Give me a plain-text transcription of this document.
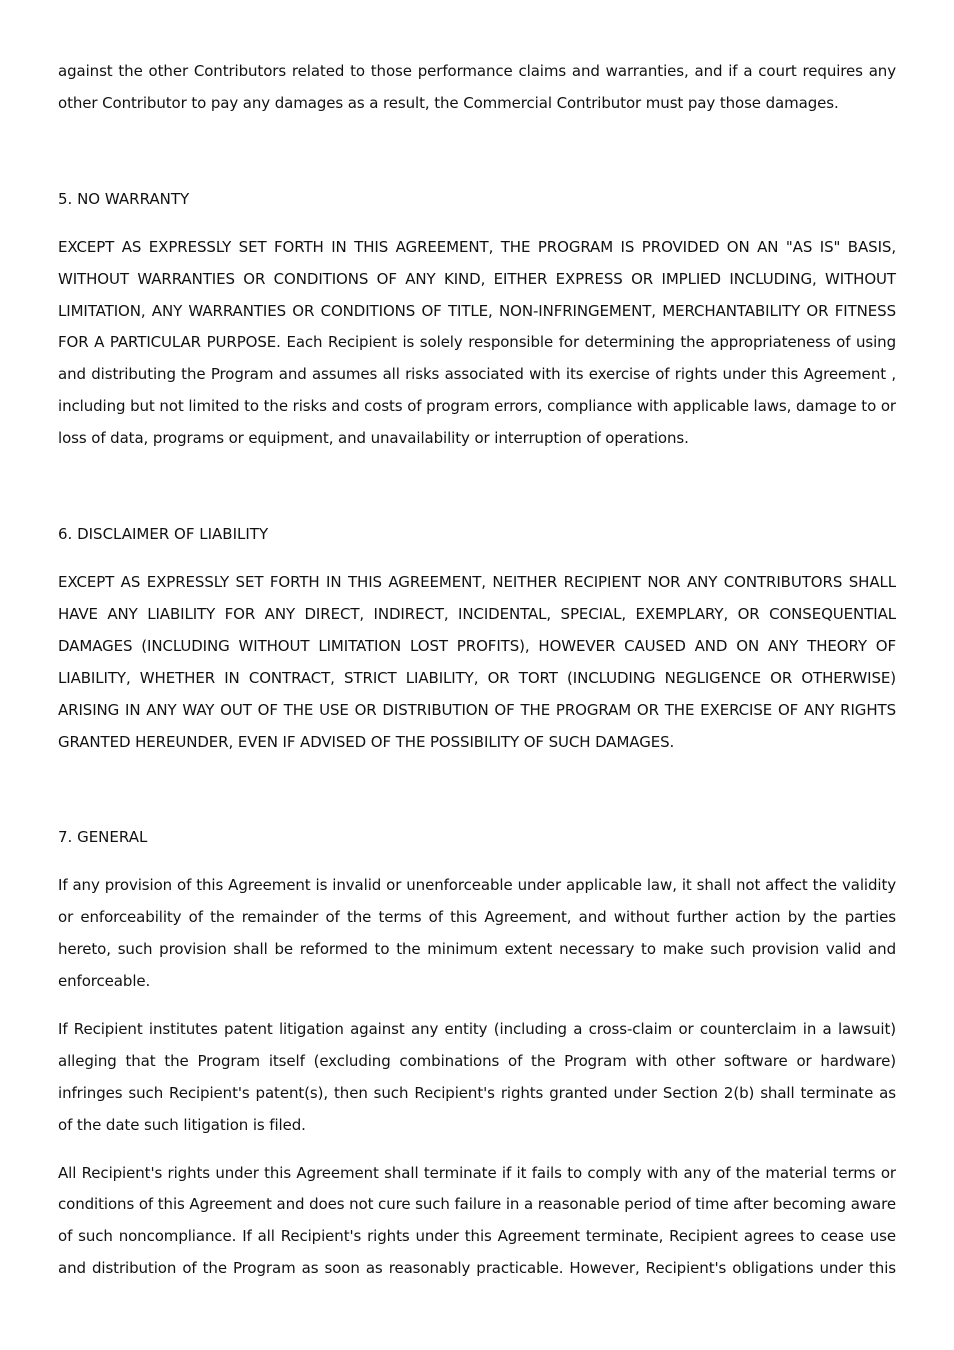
against the other Contributors related to those performance claims and warranties, and if a court requires any other Contributor to pay any damages as a result, the Commercial Contributor must pay those damages.

5. NO WARRANTY

EXCEPT AS EXPRESSLY SET FORTH IN THIS AGREEMENT, THE PROGRAM IS PROVIDED ON AN "AS IS" BASIS, WITHOUT WARRANTIES OR CONDITIONS OF ANY KIND, EITHER EXPRESS OR IMPLIED INCLUDING, WITHOUT LIMITATION, ANY WARRANTIES OR CONDITIONS OF TITLE, NON-INFRINGEMENT, MERCHANTABILITY OR FITNESS FOR A PARTICULAR PURPOSE. Each Recipient is solely responsible for determining the appropriateness of using and distributing the Program and assumes all risks associated with its exercise of rights under this Agreement , including but not limited to the risks and costs of program errors, compliance with applicable laws, damage to or loss of data, programs or equipment, and unavailability or interruption of operations.

6. DISCLAIMER OF LIABILITY

EXCEPT AS EXPRESSLY SET FORTH IN THIS AGREEMENT, NEITHER RECIPIENT NOR ANY CONTRIBUTORS SHALL HAVE ANY LIABILITY FOR ANY DIRECT, INDIRECT, INCIDENTAL, SPECIAL, EXEMPLARY, OR CONSEQUENTIAL DAMAGES (INCLUDING WITHOUT LIMITATION LOST PROFITS), HOWEVER CAUSED AND ON ANY THEORY OF LIABILITY, WHETHER IN CONTRACT, STRICT LIABILITY, OR TORT (INCLUDING NEGLIGENCE OR OTHERWISE) ARISING IN ANY WAY OUT OF THE USE OR DISTRIBUTION OF THE PROGRAM OR THE EXERCISE OF ANY RIGHTS GRANTED HEREUNDER, EVEN IF ADVISED OF THE POSSIBILITY OF SUCH DAMAGES.

7. GENERAL

If any provision of this Agreement is invalid or unenforceable under applicable law, it shall not affect the validity or enforceability of the remainder of the terms of this Agreement, and without further action by the parties hereto, such provision shall be reformed to the minimum extent necessary to make such provision valid and enforceable.

If Recipient institutes patent litigation against any entity (including a cross-claim or counterclaim in a lawsuit) alleging that the Program itself (excluding combinations of the Program with other software or hardware) infringes such Recipient's patent(s), then such Recipient's rights granted under Section 2(b) shall terminate as of the date such litigation is filed.

All Recipient's rights under this Agreement shall terminate if it fails to comply with any of the material terms or conditions of this Agreement and does not cure such failure in a reasonable period of time after becoming aware of such noncompliance. If all Recipient's rights under this Agreement terminate, Recipient agrees to cease use and distribution of the Program as soon as reasonably practicable. However, Recipient's obligations under this
